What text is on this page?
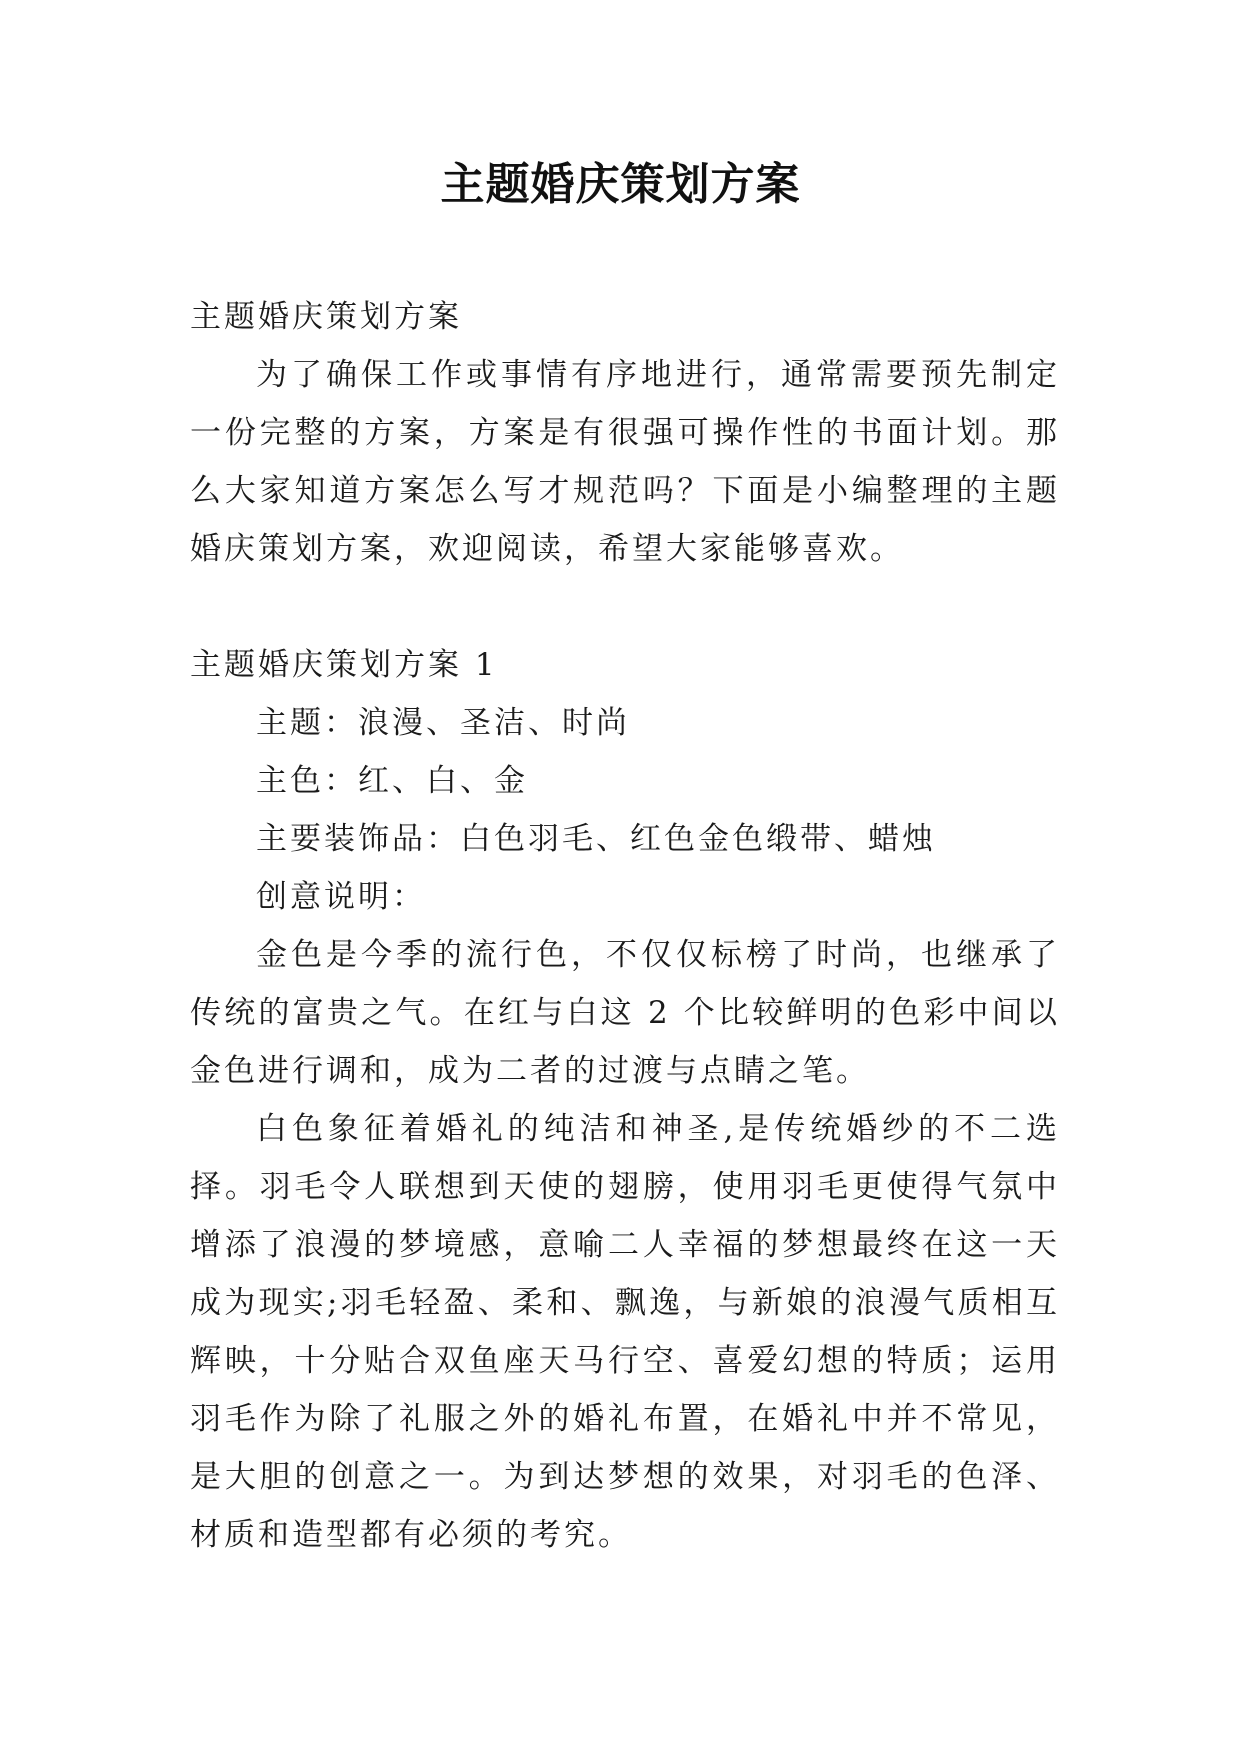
主题婚庆策划方案

主题婚庆策划方案

为了确保工作或事情有序地进行，通常需要预先制定一份完整的方案，方案是有很强可操作性的书面计划。那么大家知道方案怎么写才规范吗？下面是小编整理的主题婚庆策划方案，欢迎阅读，希望大家能够喜欢。

主题婚庆策划方案 1

主题：浪漫、圣洁、时尚

主色：红、白、金

主要装饰品：白色羽毛、红色金色缎带、蜡烛

创意说明：

金色是今季的流行色，不仅仅标榜了时尚，也继承了传统的富贵之气。在红与白这 2 个比较鲜明的色彩中间以金色进行调和，成为二者的过渡与点睛之笔。

白色象征着婚礼的纯洁和神圣,是传统婚纱的不二选择。羽毛令人联想到天使的翅膀，使用羽毛更使得气氛中增添了浪漫的梦境感，意喻二人幸福的梦想最终在这一天成为现实;羽毛轻盈、柔和、飘逸，与新娘的浪漫气质相互辉映，十分贴合双鱼座天马行空、喜爱幻想的特质；运用羽毛作为除了礼服之外的婚礼布置，在婚礼中并不常见，是大胆的创意之一。为到达梦想的效果，对羽毛的色泽、材质和造型都有必须的考究。
